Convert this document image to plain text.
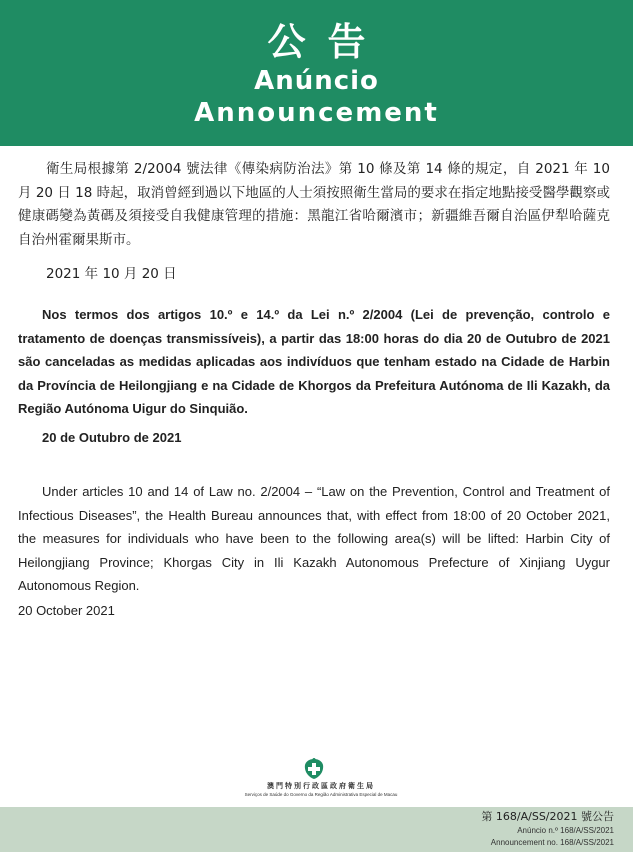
公告
Anúncio
Announcement
衛生局根據第 2/2004 號法律《傳染病防治法》第 10 條及第 14 條的規定，自 2021 年 10 月 20 日 18 時起，取消曾經到過以下地區的人士須按照衛生當局的要求在指定地點接受醫學觀察或健康碼變為黃碼及須接受自我健康管理的措施：黑龍江省哈爾濱市；新疆維吾爾自治區伊犁哈薩克自治州霍爾果斯市。
2021 年 10 月 20 日
Nos termos dos artigos 10.º e 14.º da Lei n.º 2/2004 (Lei de prevenção, controlo e tratamento de doenças transmissíveis), a partir das 18:00 horas do dia 20 de Outubro de 2021 são canceladas as medidas aplicadas aos indivíduos que tenham estado na Cidade de Harbin da Província de Heilongjiang e na Cidade de Khorgos da Prefeitura Autónoma de Ili Kazakh, da Região Autónoma Uigur do Sinquião.
20 de Outubro de 2021
Under articles 10 and 14 of Law no. 2/2004 – “Law on the Prevention, Control and Treatment of Infectious Diseases”, the Health Bureau announces that, with effect from 18:00 of 20 October 2021, the measures for individuals who have been to the following area(s) will be lifted: Harbin City of Heilongjiang Province; Khorgas City in Ili Kazakh Autonomous Prefecture of Xinjiang Uygur Autonomous Region.
20 October 2021
澳門特別行政區政府衛生局
Serviços de Saúde do Governo da Região Administrativa Especial de Macau
第 168/A/SS/2021 號公告
Anúncio n.º 168/A/SS/2021
Announcement no. 168/A/SS/2021
